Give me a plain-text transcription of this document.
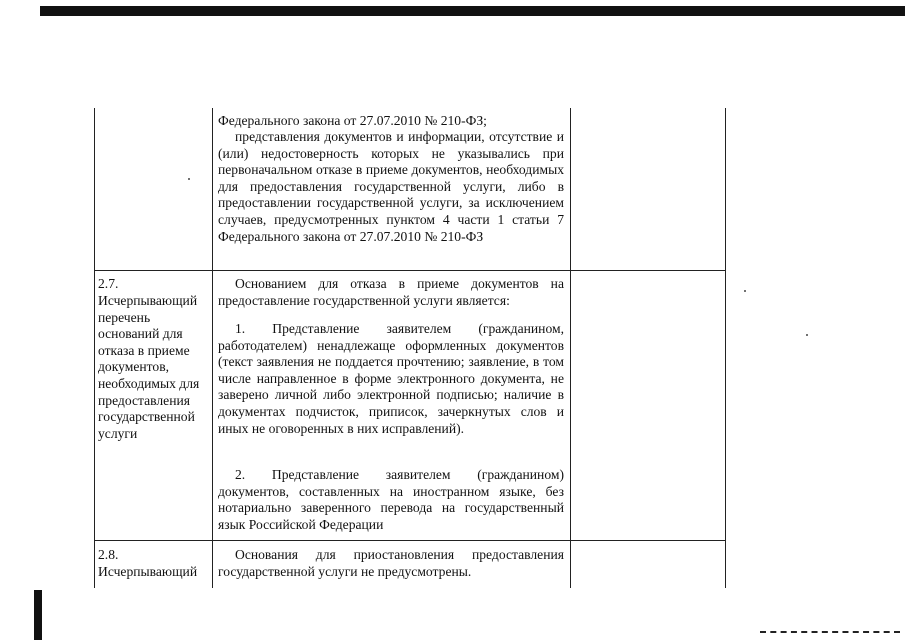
Федерального закона от 27.07.2010 № 210-ФЗ;
представления документов и информации, отсутствие и (или) недостоверность которых не указывались при первоначальном отказе в приеме документов, необходимых для предоставления государственной услуги, либо в предоставлении государственной услуги, за исключением случаев, предусмотренных пунктом 4 части 1 статьи 7 Федерального закона от 27.07.2010 № 210-ФЗ
2.7.
Исчерпывающий перечень оснований для отказа в приеме документов, необходимых для предоставления государственной услуги
Основанием для отказа в приеме документов на предоставление государственной услуги является:
1. Представление заявителем (гражданином, работодателем) ненадлежаще оформленных документов (текст заявления не поддается прочтению; заявление, в том числе направленное в форме электронного документа, не заверено личной либо электронной подписью; наличие в документах подчисток, приписок, зачеркнутых слов и иных не оговоренных в них исправлений).
2. Представление заявителем (гражданином) документов, составленных на иностранном языке, без нотариально заверенного перевода на государственный язык Российской Федерации
2.8.
Исчерпывающий
Основания для приостановления предоставления государственной услуги не предусмотрены.
